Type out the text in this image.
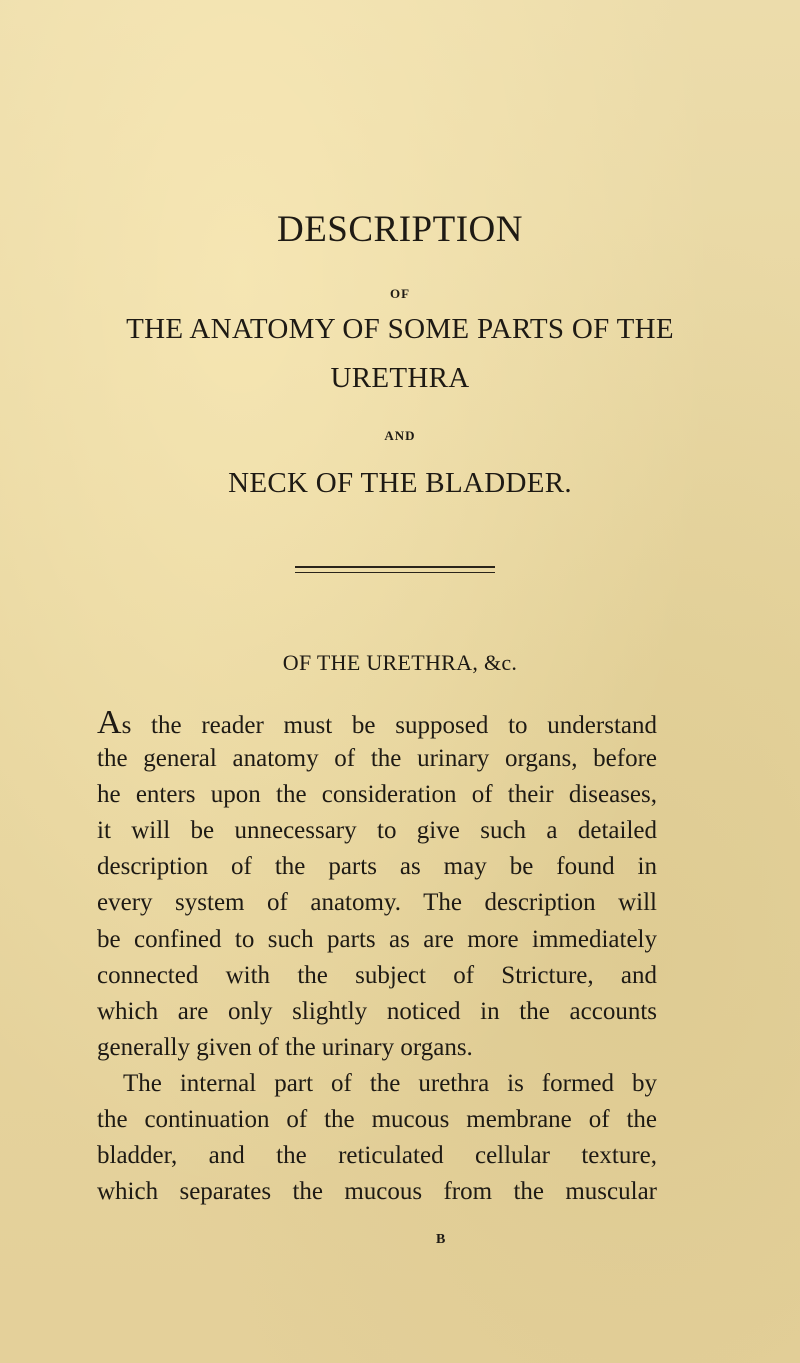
DESCRIPTION
OF
THE ANATOMY OF SOME PARTS OF THE
URETHRA
AND
NECK OF THE BLADDER.
OF THE URETHRA, &c.
As the reader must be supposed to understand
the general anatomy of the urinary organs, before
he enters upon the consideration of their diseases,
it will be unnecessary to give such a detailed
description of the parts as may be found in
every system of anatomy. The description will
be confined to such parts as are more immediately
connected with the subject of Stricture, and
which are only slightly noticed in the accounts
generally given of the urinary organs.
The internal part of the urethra is formed by
the continuation of the mucous membrane of the
bladder, and the reticulated cellular texture,
which separates the mucous from the muscular
B
